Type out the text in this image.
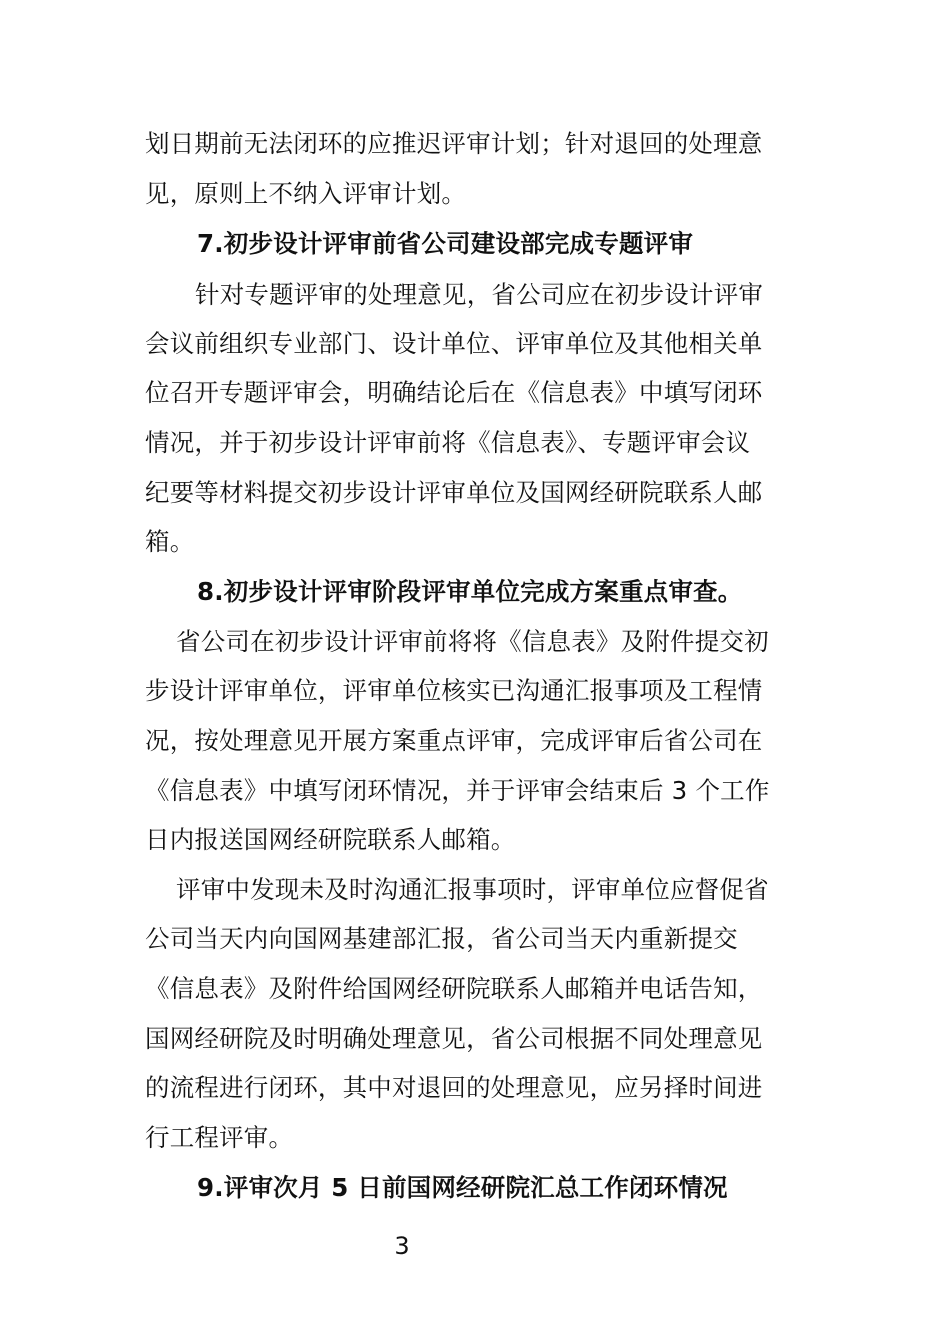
划日期前无法闭环的应推迟评审计划；针对退回的处理意
见，原则上不纳入评审计划。
7.初步设计评审前省公司建设部完成专题评审
针对专题评审的处理意见，省公司应在初步设计评审
会议前组织专业部门、设计单位、评审单位及其他相关单
位召开专题评审会，明确结论后在《信息表》中填写闭环
情况，并于初步设计评审前将《信息表》、专题评审会议
纪要等材料提交初步设计评审单位及国网经研院联系人邮
箱。
8.初步设计评审阶段评审单位完成方案重点审查。
省公司在初步设计评审前将将《信息表》及附件提交初
步设计评审单位，评审单位核实已沟通汇报事项及工程情
况，按处理意见开展方案重点评审，完成评审后省公司在
《信息表》中填写闭环情况，并于评审会结束后 3 个工作
日内报送国网经研院联系人邮箱。
评审中发现未及时沟通汇报事项时，评审单位应督促省
公司当天内向国网基建部汇报，省公司当天内重新提交
《信息表》及附件给国网经研院联系人邮箱并电话告知，
国网经研院及时明确处理意见，省公司根据不同处理意见
的流程进行闭环，其中对退回的处理意见，应另择时间进
行工程评审。
9.评审次月 5 日前国网经研院汇总工作闭环情况
3
